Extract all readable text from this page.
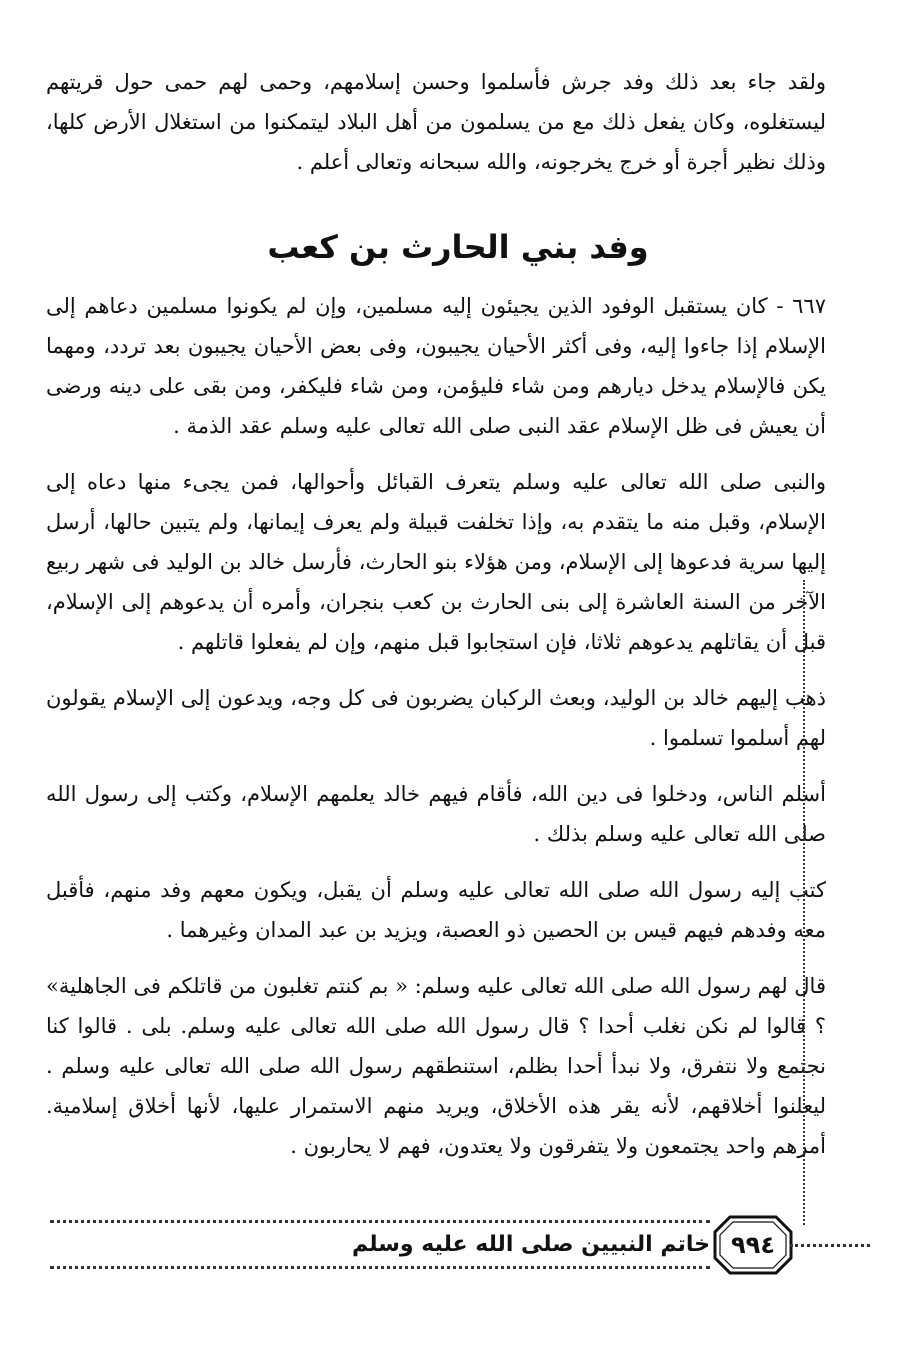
ولقد جاء بعد ذلك وفد جرش فأسلموا وحسن إسلامهم، وحمى لهم حمى حول قريتهم ليستغلوه، وكان يفعل ذلك مع من يسلمون من أهل البلاد ليتمكنوا من استغلال الأرض كلها، وذلك نظير أجرة أو خرج يخرجونه، والله سبحانه وتعالى أعلم .

وفد بني الحارث بن كعب

٦٦٧ - كان يستقبل الوفود الذين يجيئون إليه مسلمين، وإن لم يكونوا مسلمين دعاهم إلى الإسلام إذا جاءوا إليه، وفى أكثر الأحيان يجيبون، وفى بعض الأحيان يجيبون بعد تردد، ومهما يكن فالإسلام يدخل ديارهم ومن شاء فليؤمن، ومن شاء فليكفر، ومن بقى على دينه ورضى أن يعيش فى ظل الإسلام عقد النبى صلى الله تعالى عليه وسلم عقد الذمة .

والنبى صلى الله تعالى عليه وسلم يتعرف القبائل وأحوالها، فمن يجىء منها دعاه إلى الإسلام، وقبل منه ما يتقدم به، وإذا تخلفت قبيلة ولم يعرف إيمانها، ولم يتبين حالها، أرسل إليها سرية فدعوها إلى الإسلام، ومن هؤلاء بنو الحارث، فأرسل خالد بن الوليد فى شهر ربيع الآخر من السنة العاشرة إلى بنى الحارث بن كعب بنجران، وأمره أن يدعوهم إلى الإسلام، قبل أن يقاتلهم يدعوهم ثلاثا، فإن استجابوا قبل منهم، وإن لم يفعلوا قاتلهم .

ذهب إليهم خالد بن الوليد، وبعث الركبان يضربون فى كل وجه، ويدعون إلى الإسلام يقولون لهم أسلموا تسلموا .

أسلم الناس، ودخلوا فى دين الله، فأقام فيهم خالد يعلمهم الإسلام، وكتب إلى رسول الله صلى الله تعالى عليه وسلم بذلك .

كتب إليه رسول الله صلى الله تعالى عليه وسلم أن يقبل، ويكون معهم وفد منهم، فأقبل معه وفدهم فيهم قيس بن الحصين ذو العصبة، ويزيد بن عبد المدان وغيرهما .

قال لهم رسول الله صلى الله تعالى عليه وسلم: « بم كنتم تغلبون من قاتلكم فى الجاهلية» ؟ قالوا لم نكن نغلب أحدا ؟ قال رسول الله صلى الله تعالى عليه وسلم. بلى . قالوا كنا نجتمع ولا نتفرق، ولا نبدأ أحدا بظلم، استنطقهم رسول الله صلى الله تعالى عليه وسلم . ليعلنوا أخلاقهم، لأنه يقر هذه الأخلاق، ويريد منهم الاستمرار عليها، لأنها أخلاق إسلامية. أمرهم واحد يجتمعون ولا يتفرقون ولا يعتدون، فهم لا يحاربون .

خاتم النبيين صلى الله عليه وسلم ٩٩٤
